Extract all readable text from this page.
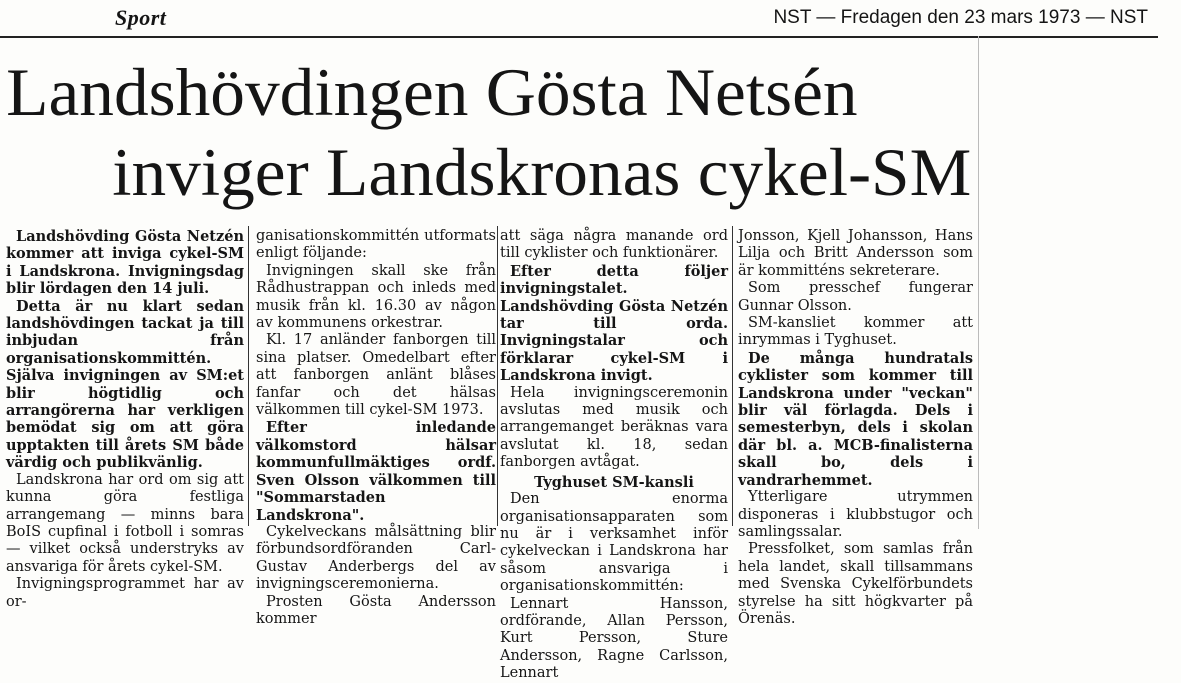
Sport	NST — Fredagen den 23 mars 1973 — NST
Landshövdingen Gösta Netsén
inviger Landskronas cykel-SM

Landshövding Gösta Netzén kommer att inviga cykel-SM i Landskrona. Invigningsdag blir lördagen den 14 juli.

Detta är nu klart sedan landshövdingen tackat ja till inbjudan från organisationskommittén. Själva invigningen av SM:et blir högtidlig och arrangörerna har verkligen bemödat sig om att göra upptakten till årets SM både värdig och publikvänlig.

Landskrona har ord om sig att kunna göra festliga arrangemang — minns bara BoIS cupfinal i fotboll i somras — vilket också understryks av ansvariga för årets cykel-SM.

Invigningsprogrammet har av or-

ganisationskommittén utformats enligt följande:

Invigningen skall ske från Rådhustrappan och inleds med musik från kl. 16.30 av någon av kommunens orkestrar.

Kl. 17 anländer fanborgen till sina platser. Omedelbart efter att fanborgen anlänt blåses fanfar och det hälsas välkommen till cykel-SM 1973.

Efter inledande välkomstord hälsar kommunfullmäktiges ordf. Sven Olsson välkommen till "Sommarstaden Landskrona".

Cykelveckans målsättning blir förbundsordföranden Carl-Gustav Anderbergs del av invigningsceremonierna.

Prosten Gösta Andersson kommer

att säga några manande ord till cyklister och funktionärer.

Efter detta följer invigningstalet. Landshövding Gösta Netzén tar till orda. Invigningstalar och förklarar cykel-SM i Landskrona invigt.

Hela invigningsceremonin avslutas med musik och arrangemanget beräknas vara avslutat kl. 18, sedan fanborgen avtågat.

Tyghuset SM-kansli

Den enorma organisationsapparaten som nu är i verksamhet inför cykelveckan i Landskrona har såsom ansvariga i organisationskommittén:

Lennart Hansson, ordförande, Allan Persson, Kurt Persson, Sture Andersson, Ragne Carlsson, Lennart

Jonsson, Kjell Johansson, Hans Lilja och Britt Andersson som är kommitténs sekreterare.

Som presschef fungerar Gunnar Olsson.

SM-kansliet kommer att inrymmas i Tyghuset.

De många hundratals cyklister som kommer till Landskrona under "veckan" blir väl förlagda. Dels i semesterbyn, dels i skolan där bl. a. MCB-finalisterna skall bo, dels i vandrarhemmet.

Ytterligare utrymmen disponeras i klubbstugor och samlingssalar.

Pressfolket, som samlas från hela landet, skall tillsammans med Svenska Cykelförbundets styrelse ha sitt högkvarter på Örenäs.
